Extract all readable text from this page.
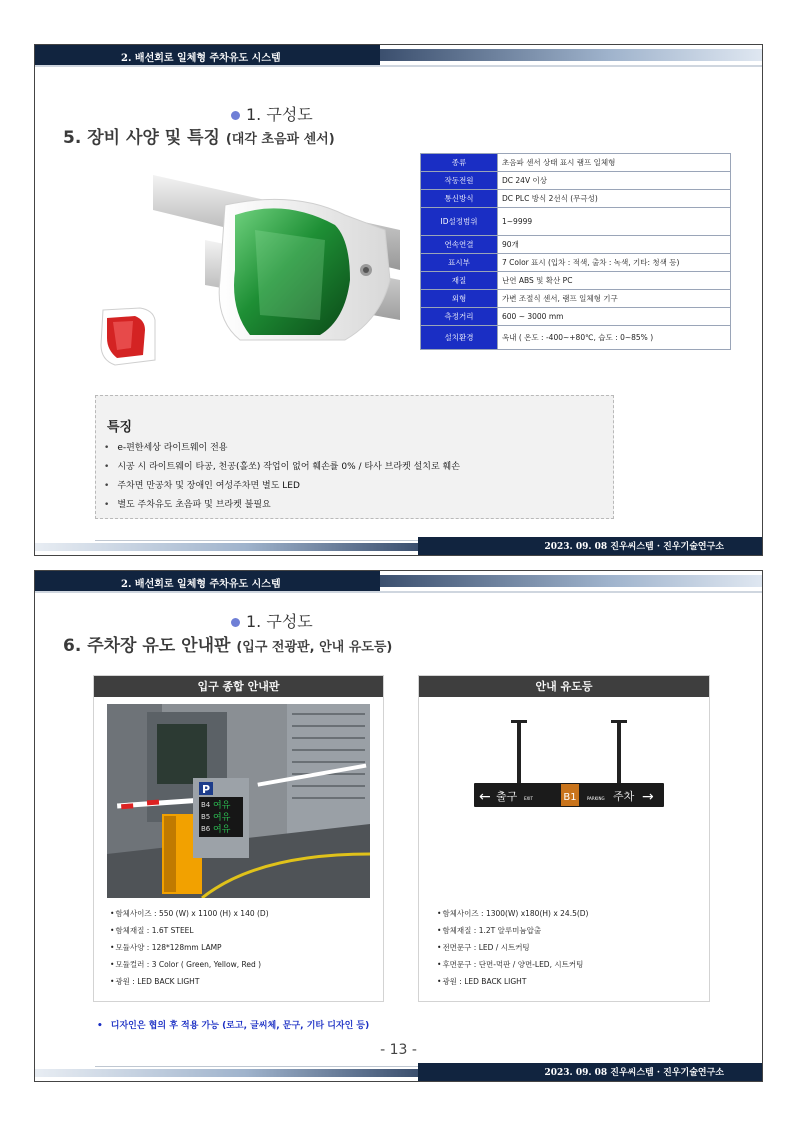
2. 배선회로 일체형 주차유도 시스템
1. 구성도
5. 장비 사양 및 특징 (대각 초음파 센서)
종류	초음파 센서 상태 표시 램프 일체형
작동전원	DC 24V 이상
통신방식	DC PLC 방식 2선식 (무극성)
ID설정범위	1~9999
연속연결	90개
표시부	7 Color 표시 (입차 : 적색, 출차 : 녹색, 기타: 청색 등)
재질	난연 ABS 및 확산 PC
외형	가변 조절식 센서, 램프 일체형 기구
측정거리	600 ~ 3000 mm
설치환경	옥내 ( 온도 : -400~+80℃, 습도 : 0~85% )
특징
• e-편한세상 라이트웨이 전용
• 시공 시 라이트웨이 타공, 천공(홀쏘) 작업이 없어 훼손률 0% / 타사 브라켓 설치로 훼손
• 주차면 만공차 및 장애인 여성주차면 별도 LED
• 별도 주차유도 초음파 및 브라켓 불필요
2023. 09. 08 진우씨스템 · 진우기술연구소
2. 배선회로 일체형 주차유도 시스템
1. 구성도
6. 주차장 유도 안내판 (입구 전광판, 안내 유도등)
입구 종합 안내판
P
B4 여유
B5 여유
B6 여유
• 함체사이즈 : 550 (W) x 1100 (H) x 140 (D)
• 함체재질 : 1.6T STEEL
• 모듈사양 : 128*128mm LAMP
• 모듈컬러 : 3 Color ( Green, Yellow, Red )
• 광원 : LED BACK LIGHT
안내 유도등
← 출구 EXIT	B1	PARKING 주차 →
• 함체사이즈 : 1300(W) x180(H) x 24.5(D)
• 함체재질 : 1.2T 알루미늄압출
• 전면문구 : LED / 시트커팅
• 후면문구 : 단면-먹판 / 양면-LED, 시트커팅
• 광원 : LED BACK LIGHT
• 디자인은 협의 후 적용 가능 (로고, 글씨체, 문구, 기타 디자인 등)
- 13 -
2023. 09. 08 진우씨스템 · 진우기술연구소
